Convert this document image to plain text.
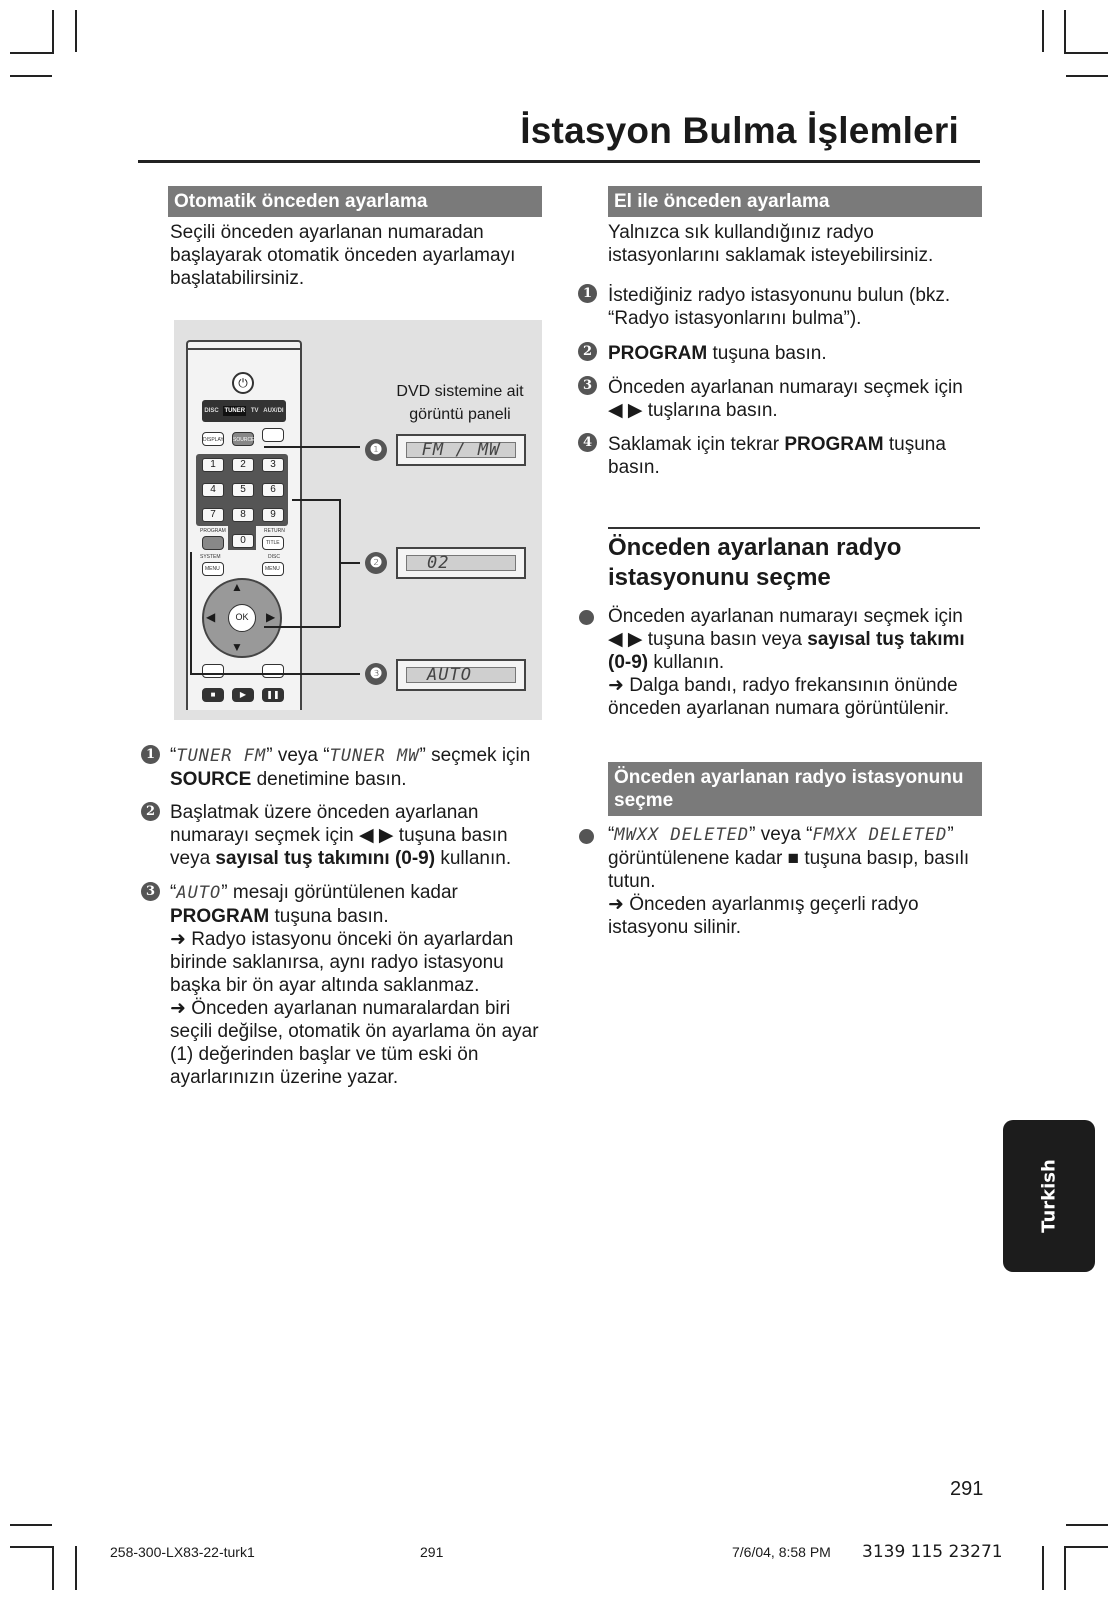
İstasyon Bulma İşlemleri
Otomatik önceden ayarlama
Seçili önceden ayarlanan numaradan başlayarak otomatik önceden ayarlamayı başlatabilirsiniz.
⏻
DISC TUNER TV AUX/DI
DISPLAY SOURCE
1	2	3
4	5	6
7	8	9
PROGRAM	RETURN
0	TITLE
SYSTEM	DISC
MENU	MENU
▲
▼
◀	▶
OK
■	▶	❚❚
DVD sistemine ait görüntü paneli
❶
❷
❸
FM / MW
02
AUTO
1 “TUNER FM” veya “TUNER MW” seçmek için
SOURCE denetimine basın.
2 Başlatmak üzere önceden ayarlanan numarayı seçmek için ◀ ▶ tuşuna basın veya sayısal tuş takımını (0-9) kullanın.
3 “AUTO” mesajı görüntülenen kadar
PROGRAM tuşuna basın.
➜ Radyo istasyonu önceki ön ayarlardan birinde saklanırsa, aynı radyo istasyonu başka bir ön ayar altında saklanmaz.
➜ Önceden ayarlanan numaralardan biri seçili değilse, otomatik ön ayarlama ön ayar (1) değerinden başlar ve tüm eski ön ayarlarınızın üzerine yazar.
El ile önceden ayarlama
Yalnızca sık kullandığınız radyo istasyonlarını saklamak isteyebilirsiniz.
1 İstediğiniz radyo istasyonunu bulun (bkz. “Radyo istasyonlarını bulma”).
2 PROGRAM tuşuna basın.
3 Önceden ayarlanan numarayı seçmek için ◀ ▶ tuşlarına basın.
4 Saklamak için tekrar PROGRAM tuşuna basın.
Önceden ayarlanan radyo istasyonunu seçme
Önceden ayarlanan numarayı seçmek için ◀ ▶ tuşuna basın veya sayısal tuş takımı (0-9) kullanın.
➜ Dalga bandı, radyo frekansının önünde önceden ayarlanan numara görüntülenir.
Önceden ayarlanan radyo istasyonunu seçme
“MWXX DELETED” veya “FMXX DELETED”
görüntülenene kadar ■ tuşuna basıp, basılı tutun.
➜ Önceden ayarlanmış geçerli radyo istasyonu silinir.
Turkish
291
258-300-LX83-22-turk1	291	7/6/04, 8:58 PM 3139 115 23271
